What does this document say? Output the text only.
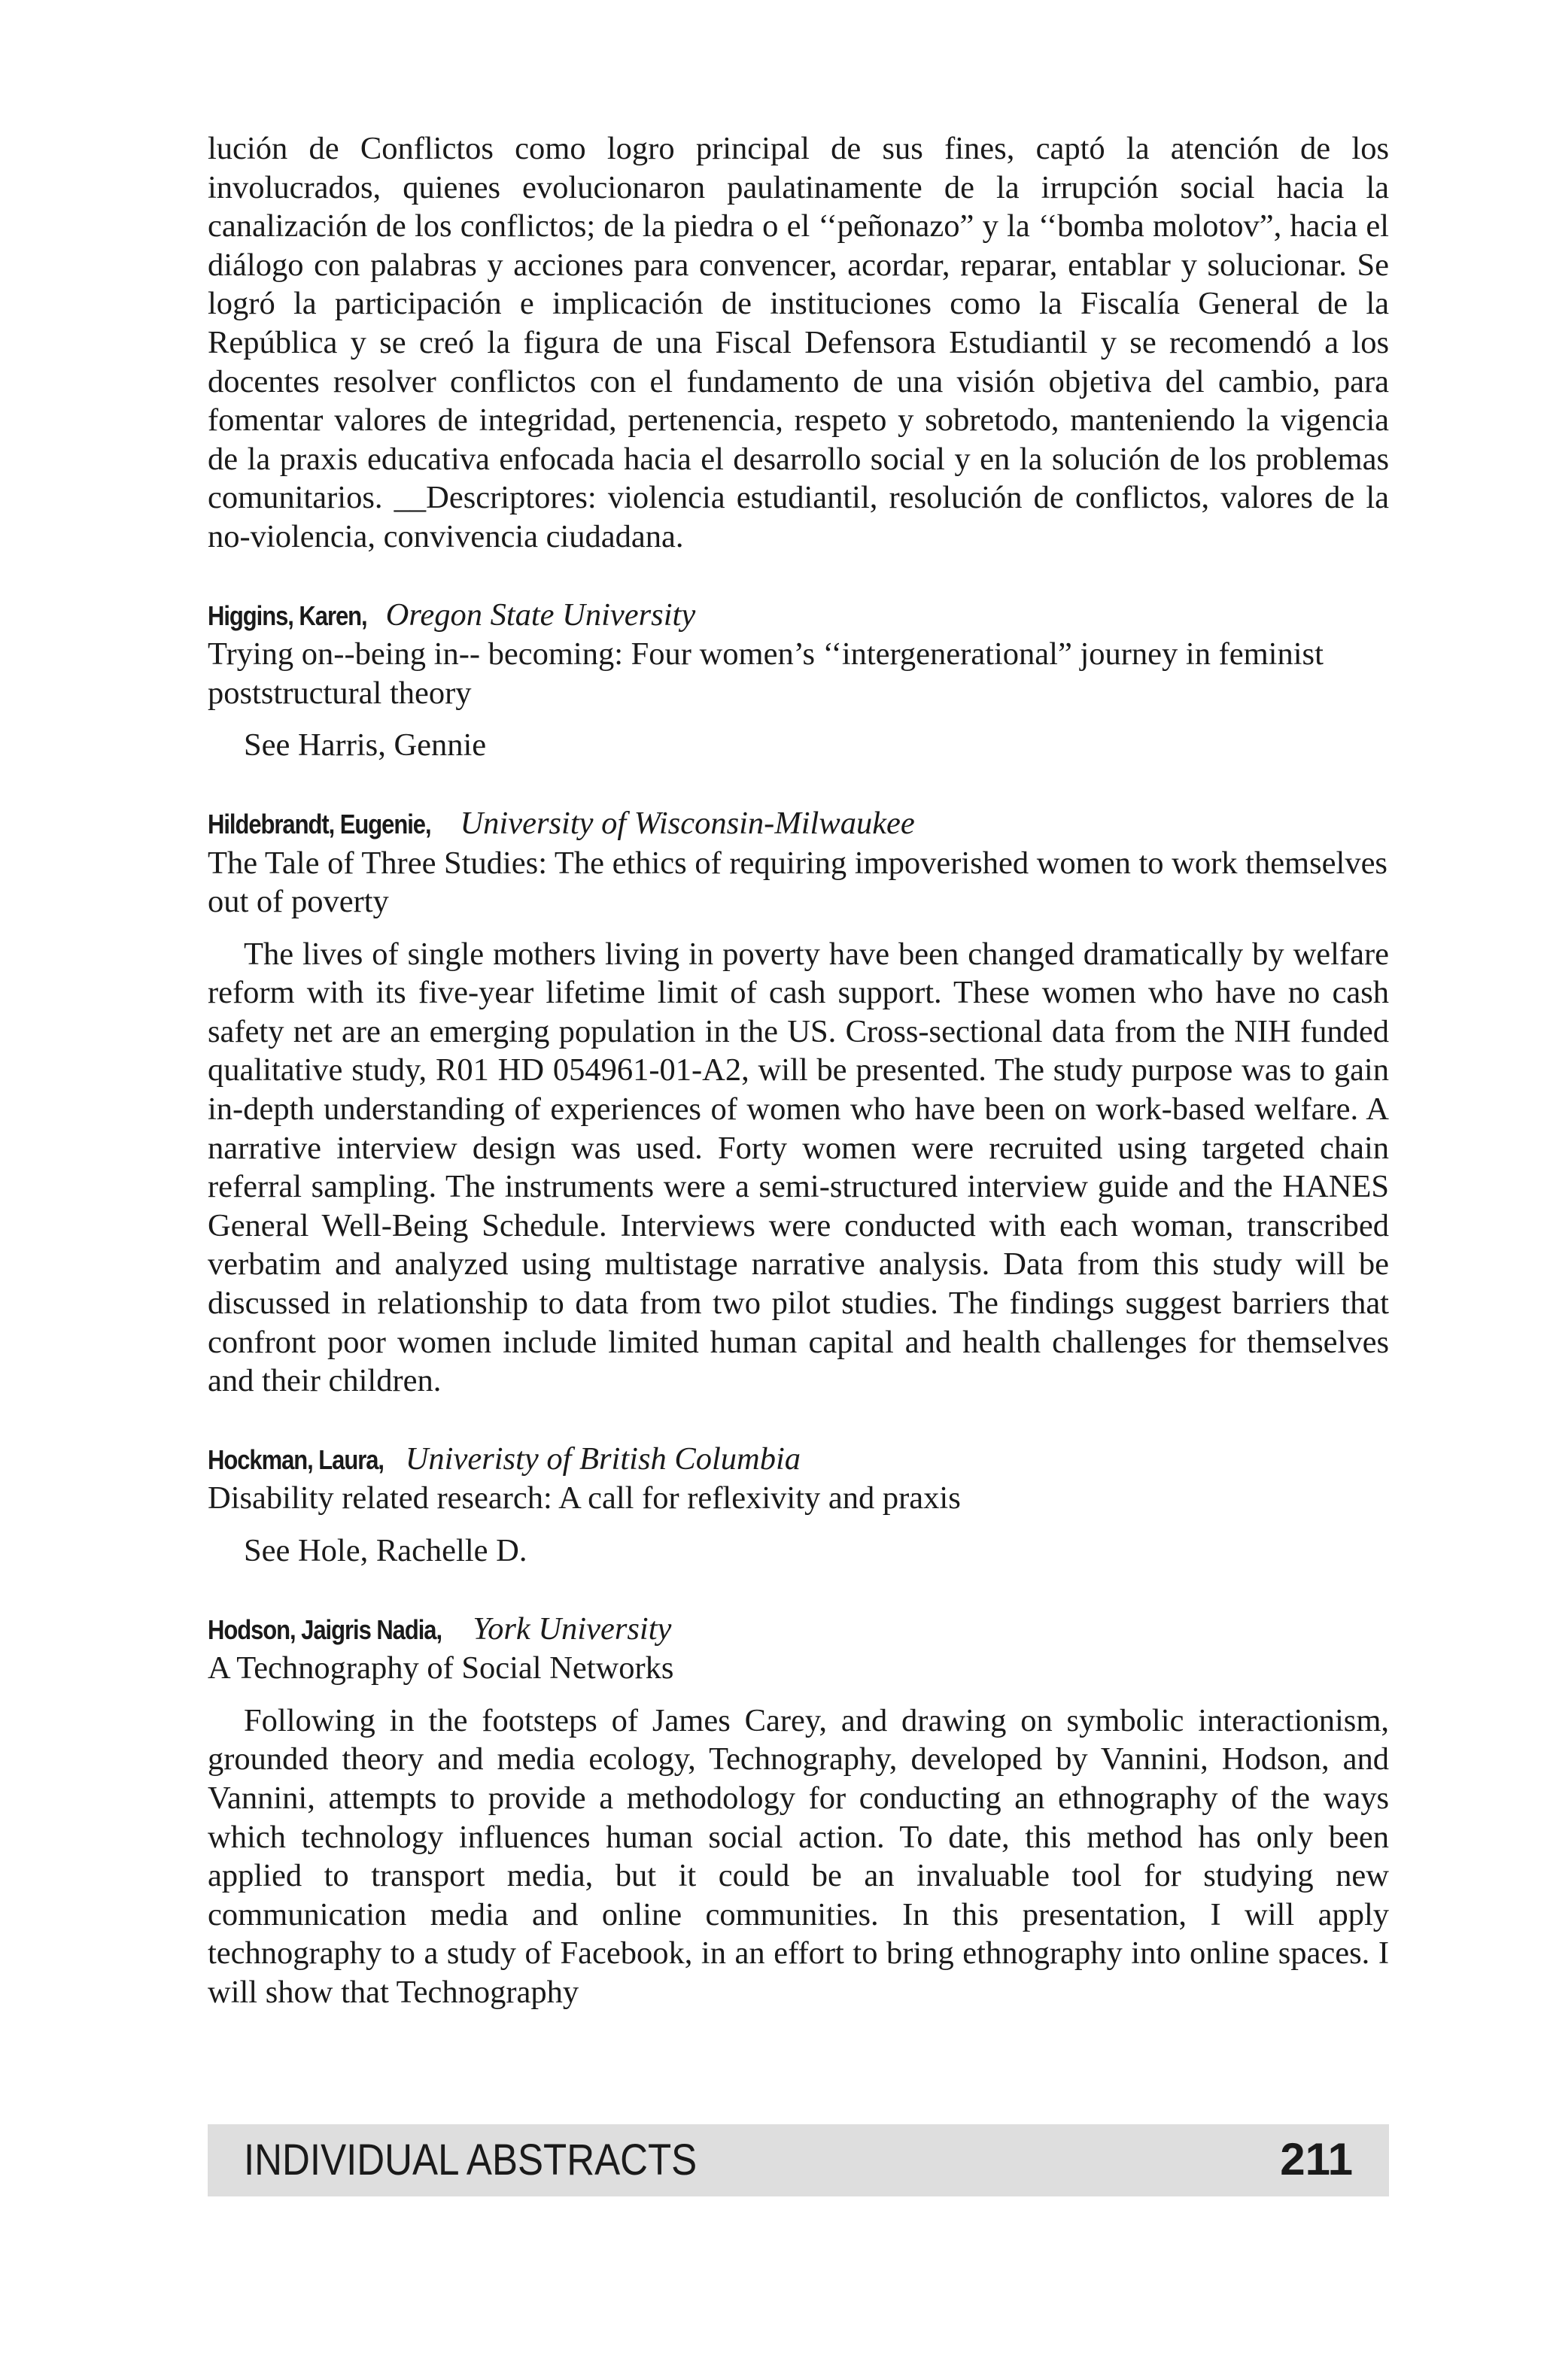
lución de Conflictos como logro principal de sus fines, captó la atención de los involucrados, quienes evolucionaron paulatinamente de la irrupción social hacia la canalización de los conflictos; de la piedra o el ‘‘peñonazo” y la ‘‘bomba molotov”, hacia el diálogo con palabras y acciones para convencer, acordar, reparar, entablar y solucionar. Se logró la participación e implicación de instituciones como la Fiscalía General de la República y se creó la figura de una Fiscal Defensora Estudiantil y se recomendó a los docentes resolver conflictos con el fundamento de una visión objetiva del cambio, para fomentar valores de integridad, pertenencia, respeto y sobretodo, manteniendo la vigencia de la praxis educativa enfocada hacia el desarrollo social y en la solución de los problemas comunitarios. __Descriptores: violencia estudiantil, resolución de conflictos, valores de la no-violencia, convivencia ciudadana.

Higgins, Karen, Oregon State University

Trying on--being in-- becoming: Four women’s ‘‘intergenerational” journey in feminist poststructural theory

See Harris, Gennie

Hildebrandt, Eugenie, University of Wisconsin-Milwaukee

The Tale of Three Studies: The ethics of requiring impoverished women to work themselves out of poverty

The lives of single mothers living in poverty have been changed dramatically by welfare reform with its five-year lifetime limit of cash support. These women who have no cash safety net are an emerging population in the US. Cross-sectional data from the NIH funded qualitative study, R01 HD 054961-01-A2, will be presented. The study purpose was to gain in-depth understanding of experiences of women who have been on work-based welfare. A narrative interview design was used. Forty women were recruited using targeted chain referral sampling. The instruments were a semi-structured interview guide and the HANES General Well-Being Schedule. Interviews were conducted with each woman, transcribed verbatim and analyzed using multistage narrative analysis. Data from this study will be discussed in relationship to data from two pilot studies. The findings suggest barriers that confront poor women include limited human capital and health challenges for themselves and their children.

Hockman, Laura, Univeristy of British Columbia

Disability related research: A call for reflexivity and praxis

See Hole, Rachelle D.

Hodson, Jaigris Nadia, York University

A Technography of Social Networks

Following in the footsteps of James Carey, and drawing on symbolic interactionism, grounded theory and media ecology, Technography, developed by Vannini, Hodson, and Vannini, attempts to provide a methodology for conducting an ethnography of the ways which technology influences human social action. To date, this method has only been applied to transport media, but it could be an invaluable tool for studying new communication media and online communities. In this presentation, I will apply technography to a study of Facebook, in an effort to bring ethnography into online spaces. I will show that Technography

INDIVIDUAL ABSTRACTS	211
